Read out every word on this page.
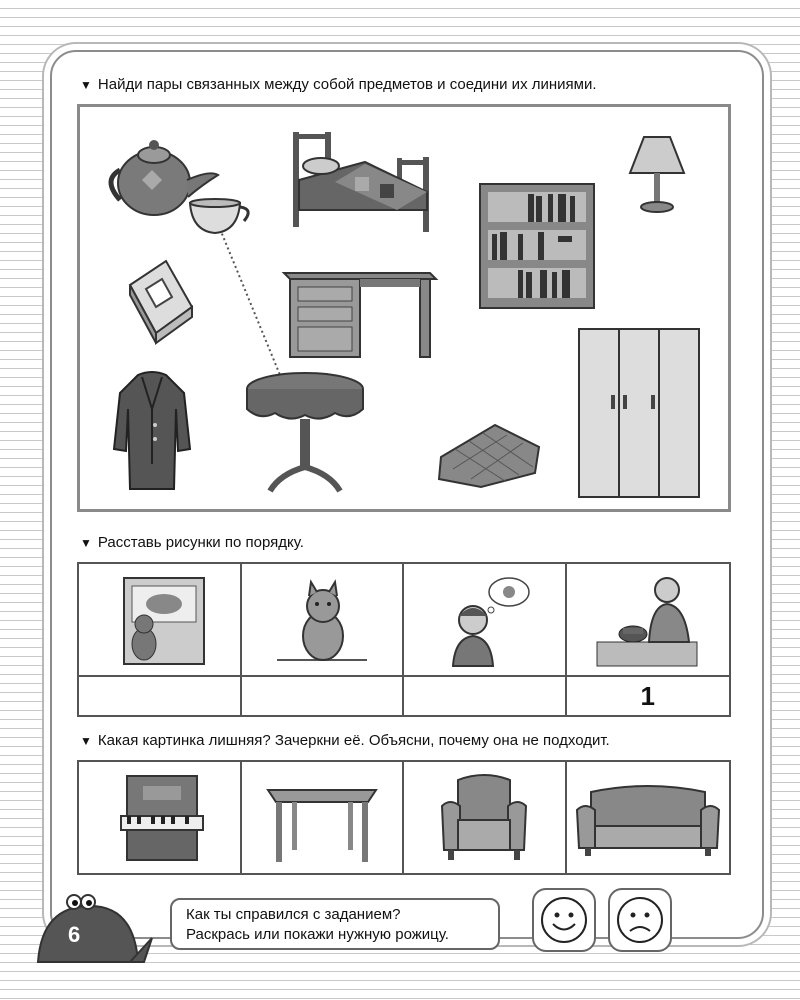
▼ Найди пары связанных между собой предметов и соедини их линиями.
▼ Расставь рисунки по порядку.
1
▼ Какая картинка лишняя? Зачеркни её. Объясни, почему она не подходит.
6
Как ты справился с заданием?
Раскрась или покажи нужную рожицу.
